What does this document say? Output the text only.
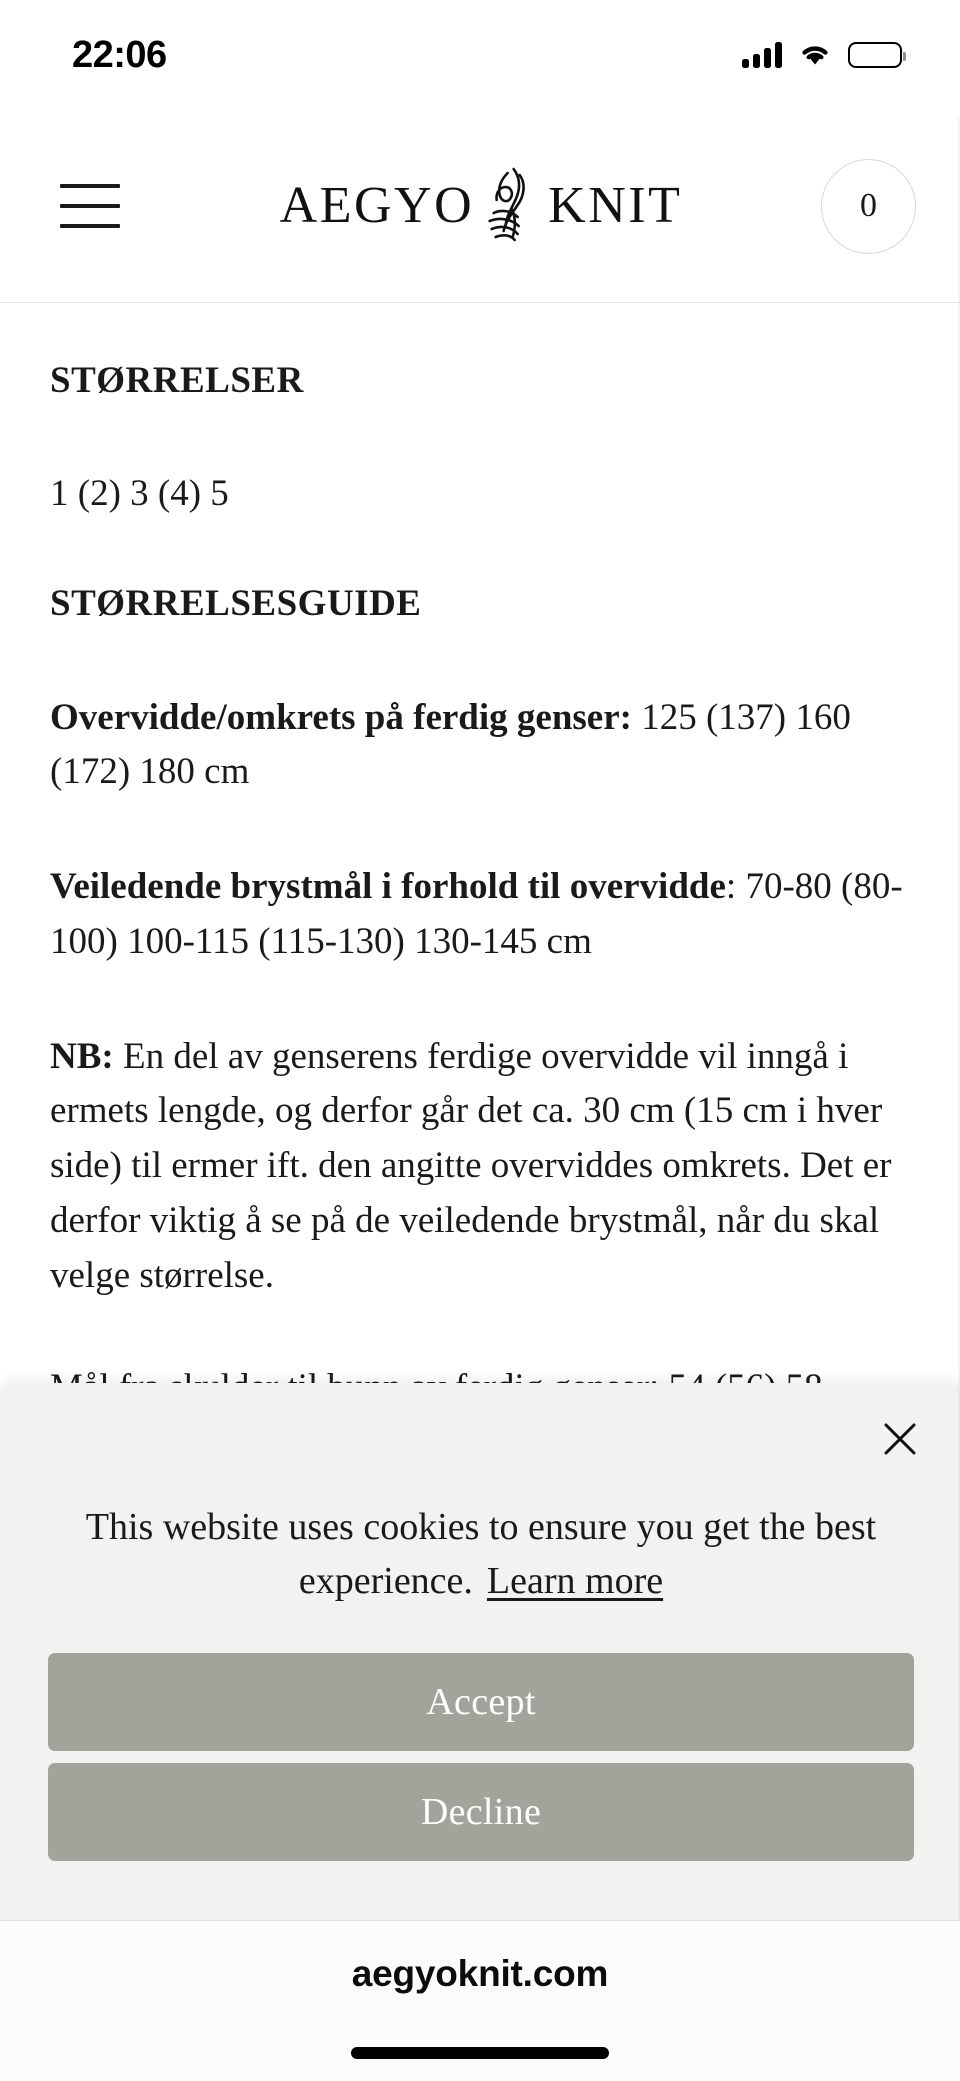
22:06
AEGYO KNIT	0
STØRRELSER

1 (2) 3 (4) 5

STØRRELSESGUIDE

Overvidde/omkrets på ferdig genser: 125 (137) 160 (172) 180 cm

Veiledende brystmål i forhold til overvidde: 70-80 (80-100) 100-115 (115-130) 130-145 cm

NB: En del av genserens ferdige overvidde vil inngå i ermets lengde, og derfor går det ca. 30 cm (15 cm i hver side) til ermer ift. den angitte overviddes omkrets. Det er derfor viktig å se på de veiledende brystmål, når du skal velge størrelse.

This website uses cookies to ensure you get the best experience. Learn more
Accept
Decline
aegyoknit.com
